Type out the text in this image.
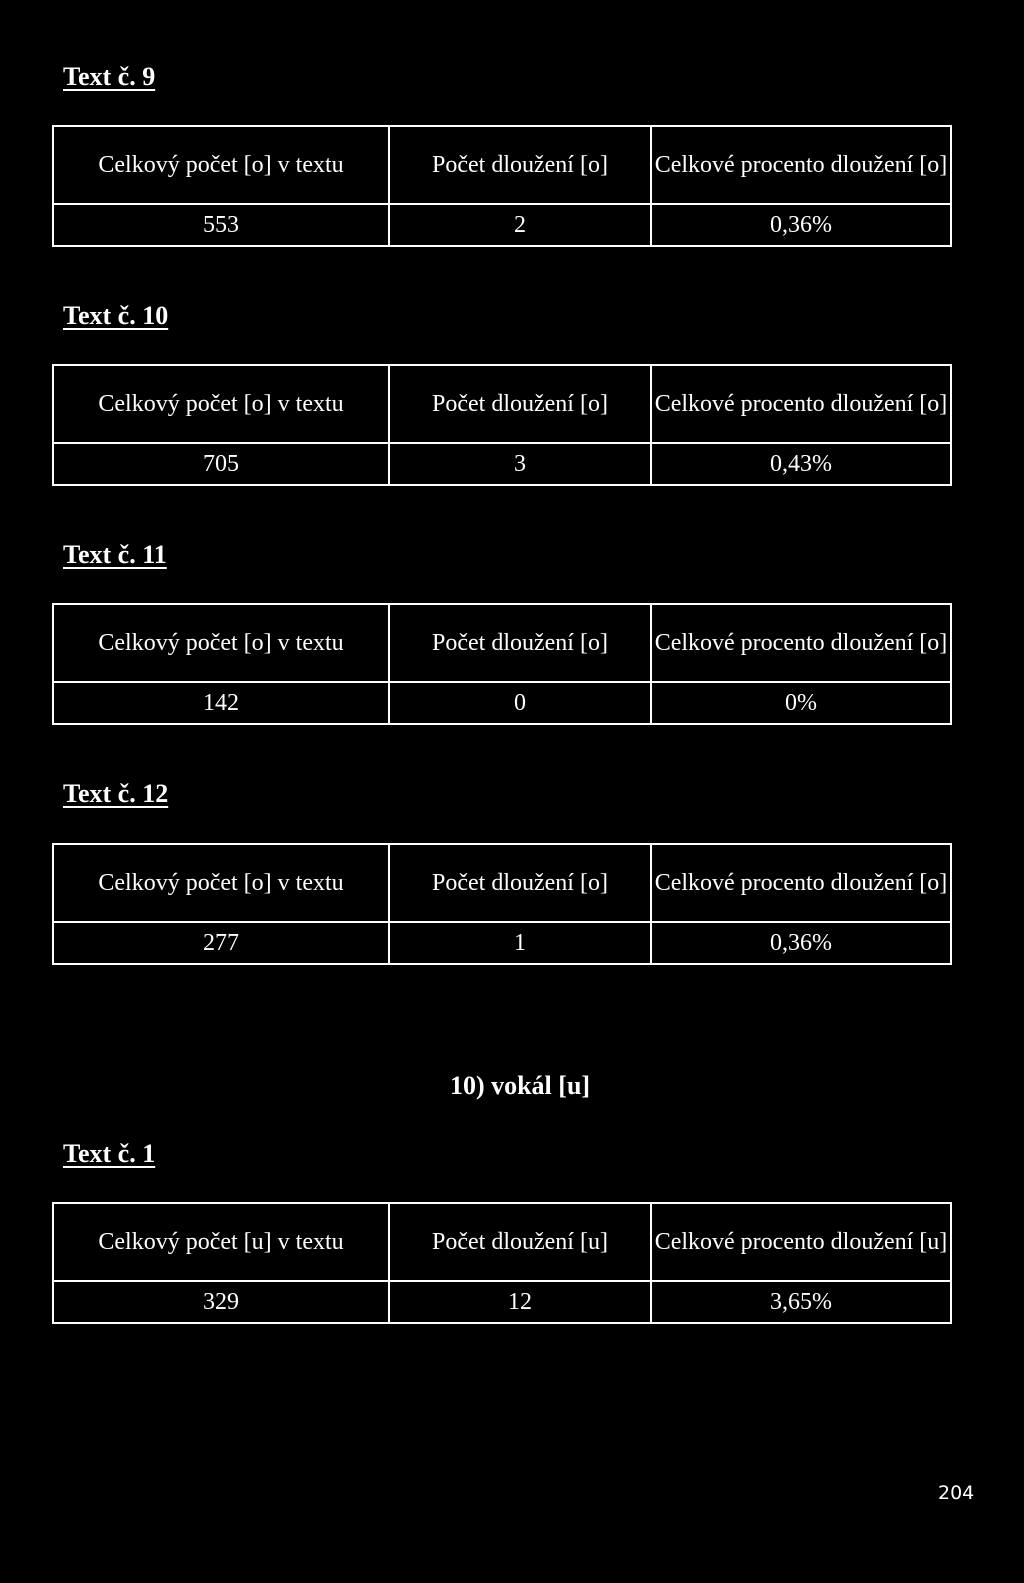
Text č. 9
Celkový počet [o] v textu	Počet dloužení [o]	Celkové procento dloužení [o]
553	2	0,36%
Text č. 10
Celkový počet [o] v textu	Počet dloužení [o]	Celkové procento dloužení [o]
705	3	0,43%
Text č. 11
Celkový počet [o] v textu	Počet dloužení [o]	Celkové procento dloužení [o]
142	0	0%
Text č. 12
Celkový počet [o] v textu	Počet dloužení [o]	Celkové procento dloužení [o]
277	1	0,36%
10) vokál [u]
Text č. 1
Celkový počet [u] v textu	Počet dloužení [u]	Celkové procento dloužení [u]
329	12	3,65%
204
